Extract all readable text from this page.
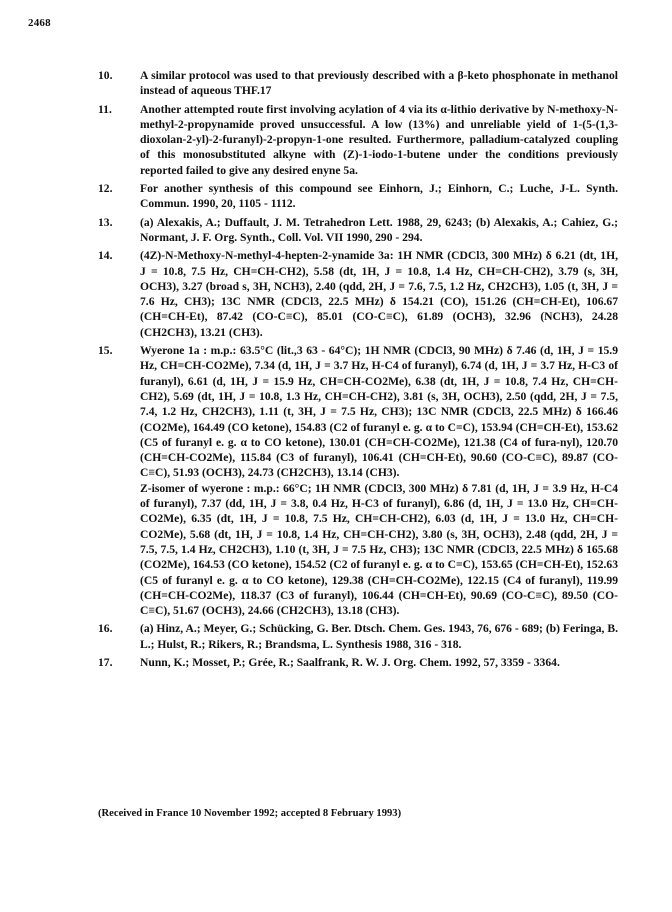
2468
10.	A similar protocol was used to that previously described with a β-keto phosphonate in methanol instead of aqueous THF.17
11.	Another attempted route first involving acylation of 4 via its α-lithio derivative by N-methoxy-N-methyl-2-propynamide proved unsuccessful. A low (13%) and unreliable yield of 1-(5-(1,3-dioxolan-2-yl)-2-furanyl)-2-propyn-1-one resulted. Furthermore, palladium-catalyzed coupling of this monosubstituted alkyne with (Z)-1-iodo-1-butene under the conditions previously reported failed to give any desired enyne 5a.
12.	For another synthesis of this compound see Einhorn, J.; Einhorn, C.; Luche, J-L. Synth. Commun. 1990, 20, 1105 - 1112.
13.	(a) Alexakis, A.; Duffault, J. M. Tetrahedron Lett. 1988, 29, 6243; (b) Alexakis, A.; Cahiez, G.; Normant, J. F. Org. Synth., Coll. Vol. VII 1990, 290 - 294.
14.	(4Z)-N-Methoxy-N-methyl-4-hepten-2-ynamide 3a: 1H NMR (CDCl3, 300 MHz) δ 6.21 (dt, 1H, J = 10.8, 7.5 Hz, CH=CH-CH2), 5.58 (dt, 1H, J = 10.8, 1.4 Hz, CH=CH-CH2), 3.79 (s, 3H, OCH3), 3.27 (broad s, 3H, NCH3), 2.40 (qdd, 2H, J = 7.6, 7.5, 1.2 Hz, CH2CH3), 1.05 (t, 3H, J = 7.6 Hz, CH3); 13C NMR (CDCl3, 22.5 MHz) δ 154.21 (CO), 151.26 (CH=CH-Et), 106.67 (CH=CH-Et), 87.42 (CO-C≡C), 85.01 (CO-C≡C), 61.89 (OCH3), 32.96 (NCH3), 24.28 (CH2CH3), 13.21 (CH3).
15.	Wyerone 1a : m.p.: 63.5°C (lit.,3 63 - 64°C); 1H NMR (CDCl3, 90 MHz) δ 7.46 (d, 1H, J = 15.9 Hz, CH=CH-CO2Me), 7.34 (d, 1H, J = 3.7 Hz, H-C4 of furanyl), 6.74 (d, 1H, J = 3.7 Hz, H-C3 of furanyl), 6.61 (d, 1H, J = 15.9 Hz, CH=CH-CO2Me), 6.38 (dt, 1H, J = 10.8, 7.4 Hz, CH=CH-CH2), 5.69 (dt, 1H, J = 10.8, 1.3 Hz, CH=CH-CH2), 3.81 (s, 3H, OCH3), 2.50 (qdd, 2H, J = 7.5, 7.4, 1.2 Hz, CH2CH3), 1.11 (t, 3H, J = 7.5 Hz, CH3); 13C NMR (CDCl3, 22.5 MHz) δ 166.46 (CO2Me), 164.49 (CO ketone), 154.83 (C2 of furanyl e. g. α to C=C), 153.94 (CH=CH-Et), 153.62 (C5 of furanyl e. g. α to CO ketone), 130.01 (CH=CH-CO2Me), 121.38 (C4 of fura-nyl), 120.70 (CH=CH-CO2Me), 115.84 (C3 of furanyl), 106.41 (CH=CH-Et), 90.60 (CO-C≡C), 89.87 (CO-C≡C), 51.93 (OCH3), 24.73 (CH2CH3), 13.14 (CH3).
Z-isomer of wyerone : m.p.: 66°C; 1H NMR (CDCl3, 300 MHz) δ 7.81 (d, 1H, J = 3.9 Hz, H-C4 of furanyl), 7.37 (dd, 1H, J = 3.8, 0.4 Hz, H-C3 of furanyl), 6.86 (d, 1H, J = 13.0 Hz, CH=CH-CO2Me), 6.35 (dt, 1H, J = 10.8, 7.5 Hz, CH=CH-CH2), 6.03 (d, 1H, J = 13.0 Hz, CH=CH-CO2Me), 5.68 (dt, 1H, J = 10.8, 1.4 Hz, CH=CH-CH2), 3.80 (s, 3H, OCH3), 2.48 (qdd, 2H, J = 7.5, 7.5, 1.4 Hz, CH2CH3), 1.10 (t, 3H, J = 7.5 Hz, CH3); 13C NMR (CDCl3, 22.5 MHz) δ 165.68 (CO2Me), 164.53 (CO ketone), 154.52 (C2 of furanyl e. g. α to C=C), 153.65 (CH=CH-Et), 152.63 (C5 of furanyl e. g. α to CO ketone), 129.38 (CH=CH-CO2Me), 122.15 (C4 of furanyl), 119.99 (CH=CH-CO2Me), 118.37 (C3 of furanyl), 106.44 (CH=CH-Et), 90.69 (CO-C≡C), 89.50 (CO-C≡C), 51.67 (OCH3), 24.66 (CH2CH3), 13.18 (CH3).
16.	(a) Hinz, A.; Meyer, G.; Schücking, G. Ber. Dtsch. Chem. Ges. 1943, 76, 676 - 689; (b) Feringa, B. L.; Hulst, R.; Rikers, R.; Brandsma, L. Synthesis 1988, 316 - 318.
17.	Nunn, K.; Mosset, P.; Grée, R.; Saalfrank, R. W. J. Org. Chem. 1992, 57, 3359 - 3364.
(Received in France 10 November 1992; accepted 8 February 1993)
